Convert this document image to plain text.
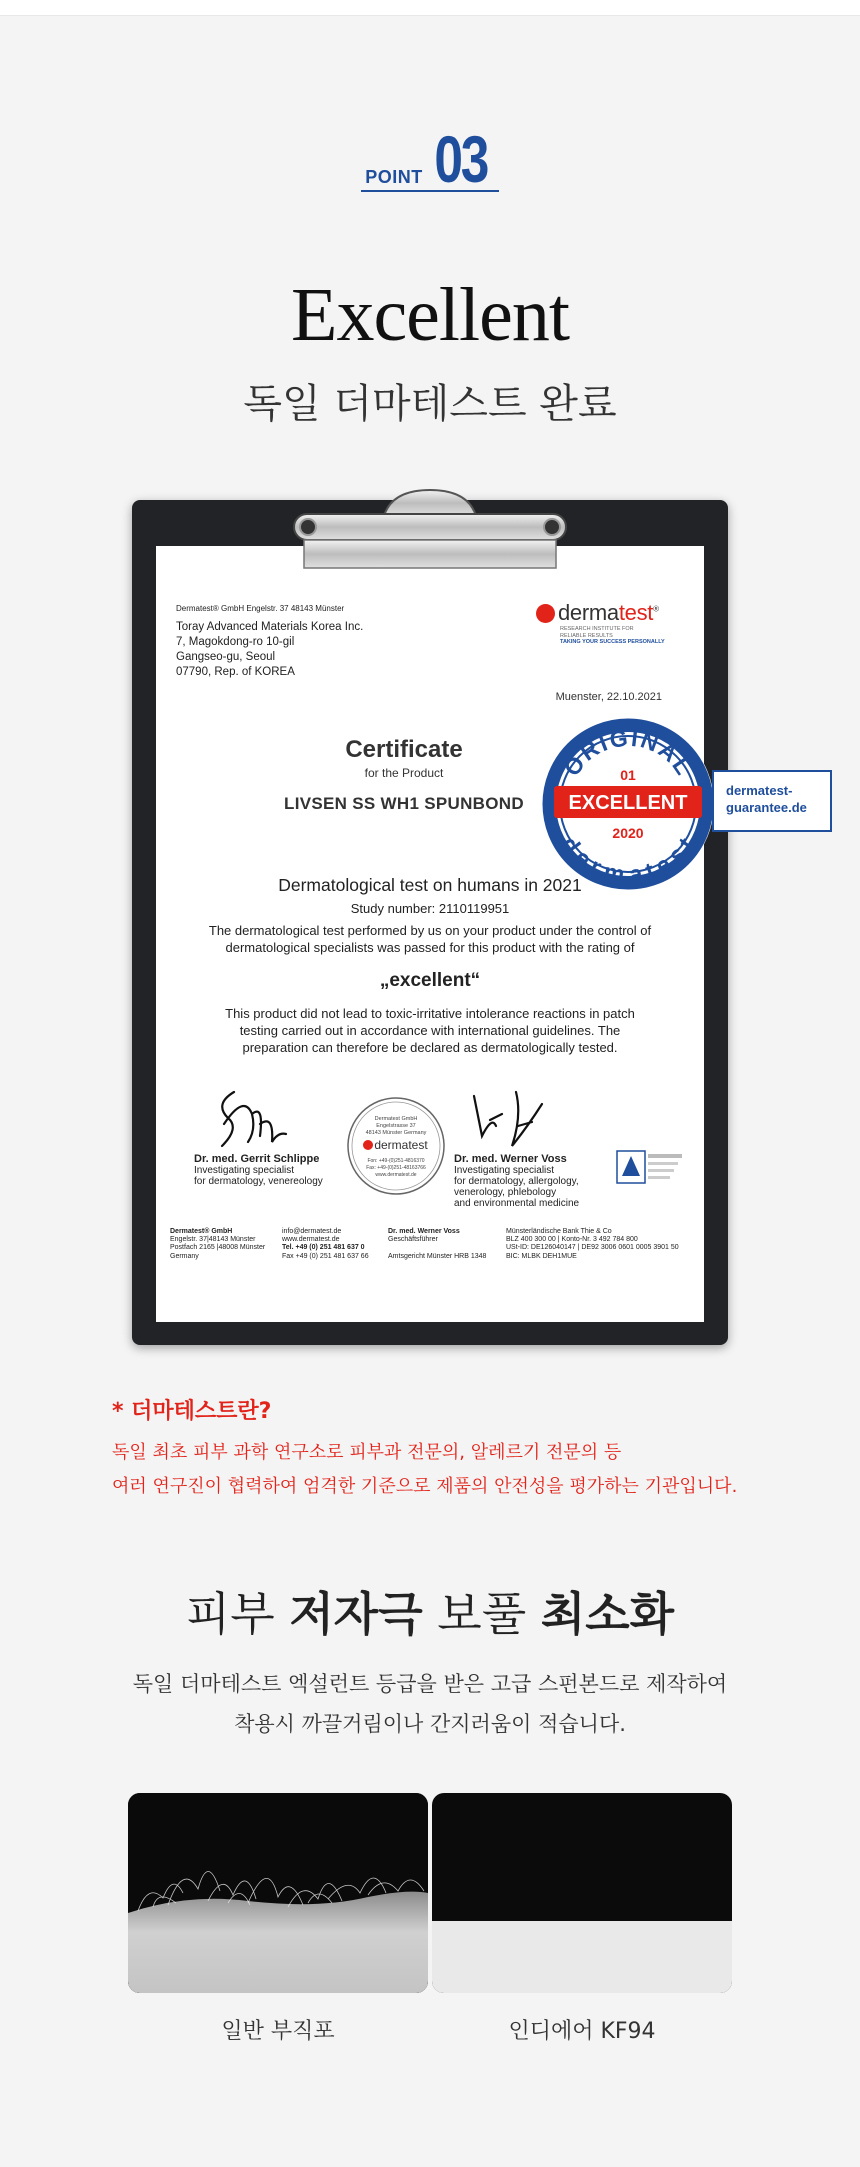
POINT 03
Excellent
독일 더마테스트 완료
Dermatest® GmbH Engelstr. 37 48143 Münster
Toray Advanced Materials Korea Inc.
7, Magokdong-ro 10-gil
Gangseo-gu, Seoul
07790, Rep. of KOREA
dermatest®
RESEARCH INSTITUTE FOR
RELIABLE RESULTS
TAKING YOUR SUCCESS PERSONALLY
Muenster, 22.10.2021
Certificate
for the Product
LIVSEN SS WH1 SPUNBOND
ORIGINAL
dermatest
01
EXCELLENT
2020
dermatest-
guarantee.de
Dermatological test on humans in 2021
Study number: 2110119951
The dermatological test performed by us on your product under the control of
dermatological specialists was passed for this product with the rating of
„excellent“
This product did not lead to toxic-irritative intolerance reactions in patch
testing carried out in accordance with international guidelines. The
preparation can therefore be declared as dermatologically tested.
Dermatest GmbH
Engelstrasse 37
48143 Münster Germany
dermatest
Fon: +49-(0)251-4816370
Fax: +49-(0)251-48163766
www.dermatest.de
Dr. med. Gerrit Schlippe
Investigating specialist
for dermatology, venereology
Dr. med. Werner Voss
Investigating specialist
for dermatology, allergology,
venerology, phlebology
and environmental medicine
Dermatest® GmbH
Engelstr. 37|48143 Münster
Postfach 2165 |48008 Münster
Germany
info@dermatest.de
www.dermatest.de
Tel. +49 (0) 251 481 637 0
Fax +49 (0) 251 481 637 66
Dr. med. Werner Voss
Geschäftsführer

Amtsgericht Münster HRB 1348
Münsterländische Bank Thie & Co
BLZ 400 300 00 | Konto-Nr. 3 492 784 800
USt-ID: DE126040147 | DE92 3006 0601 0005 3901 50
BIC: MLBK DEH1MUE
* 더마테스트란?
독일 최초 피부 과학 연구소로 피부과 전문의, 알레르기 전문의 등
여러 연구진이 협력하여 엄격한 기준으로 제품의 안전성을 평가하는 기관입니다.
피부 저자극 보풀 최소화
독일 더마테스트 엑설런트 등급을 받은 고급 스펀본드로 제작하여
착용시 까끌거림이나 간지러움이 적습니다.
일반 부직포	인디에어 KF94
